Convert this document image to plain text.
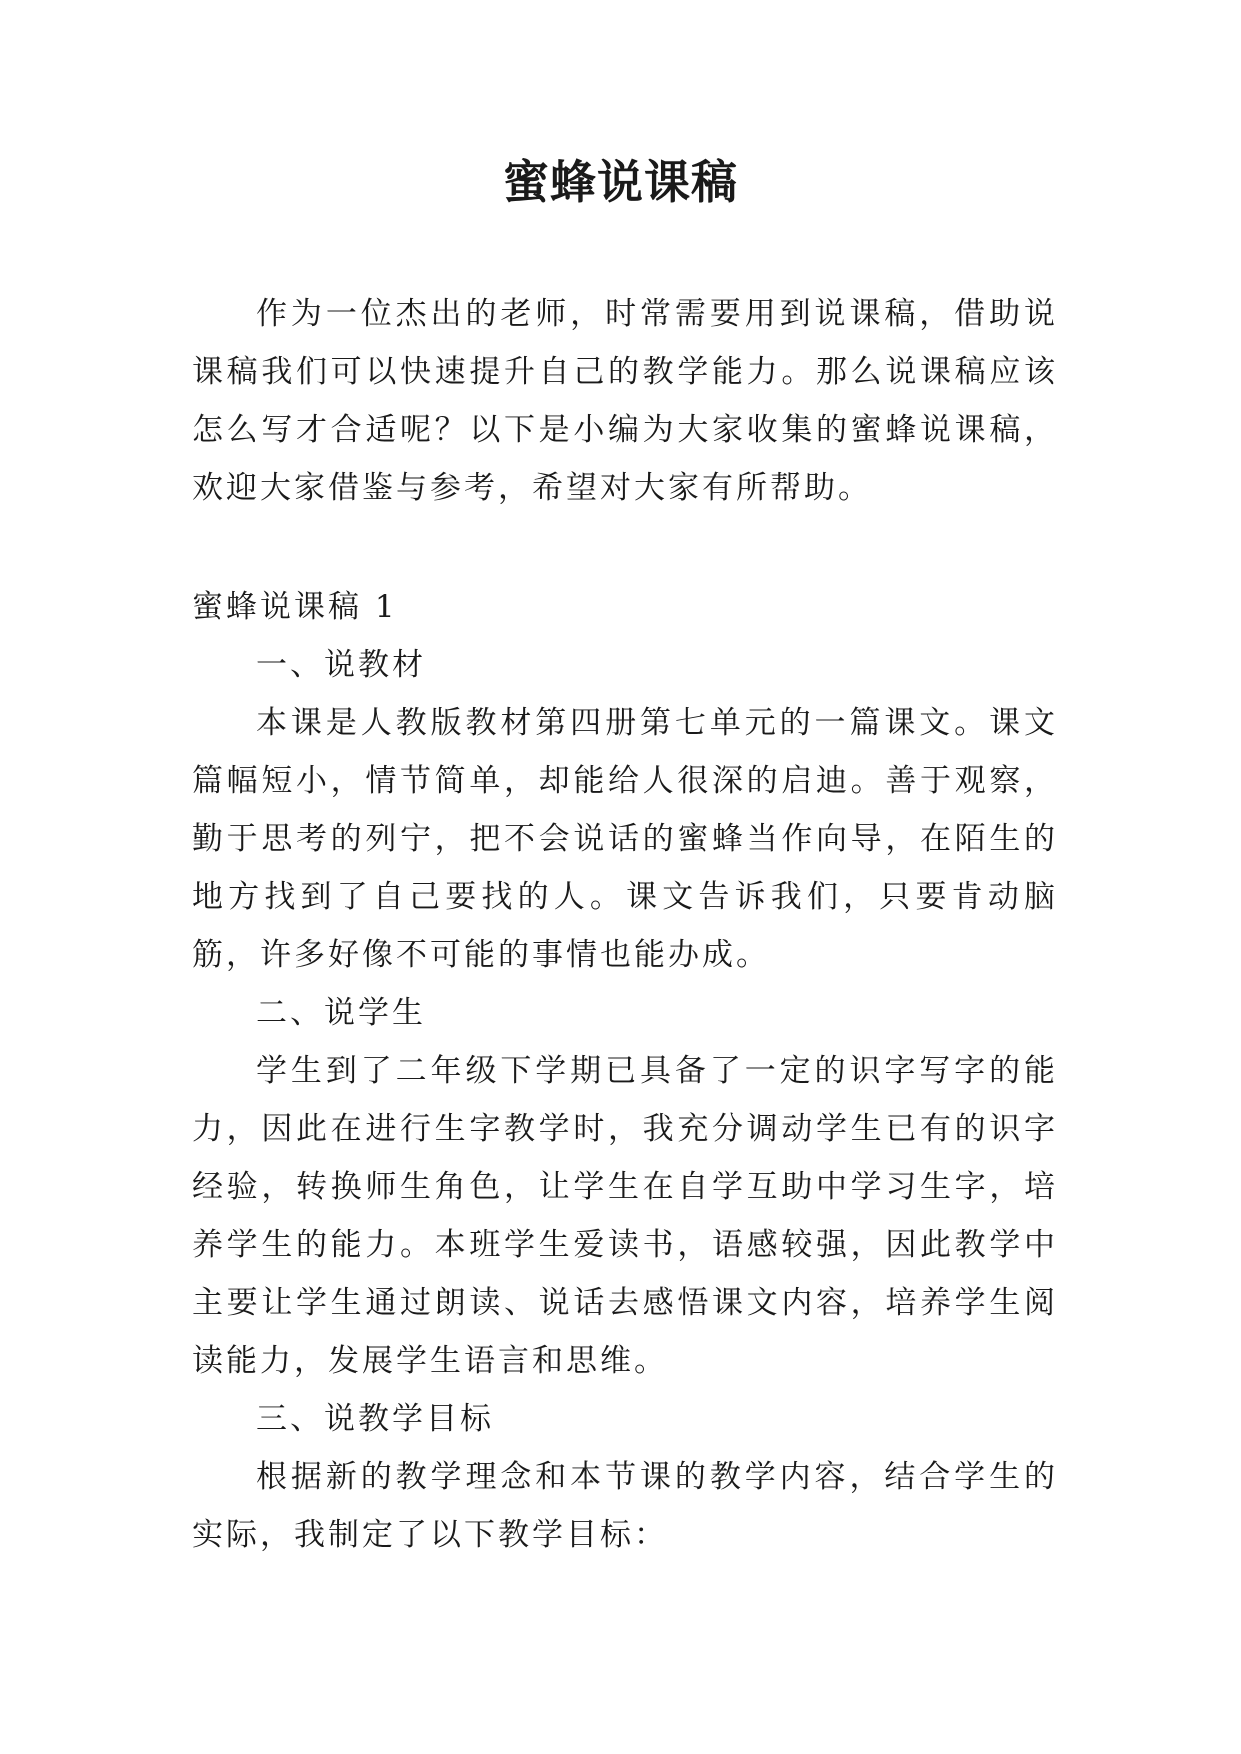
蜜蜂说课稿

作为一位杰出的老师，时常需要用到说课稿，借助说课稿我们可以快速提升自己的教学能力。那么说课稿应该怎么写才合适呢？以下是小编为大家收集的蜜蜂说课稿，欢迎大家借鉴与参考，希望对大家有所帮助。

蜜蜂说课稿 1

一、说教材

本课是人教版教材第四册第七单元的一篇课文。课文篇幅短小，情节简单，却能给人很深的启迪。善于观察，勤于思考的列宁，把不会说话的蜜蜂当作向导，在陌生的地方找到了自己要找的人。课文告诉我们，只要肯动脑筋，许多好像不可能的事情也能办成。

二、说学生

学生到了二年级下学期已具备了一定的识字写字的能力，因此在进行生字教学时，我充分调动学生已有的识字经验，转换师生角色，让学生在自学互助中学习生字，培养学生的能力。本班学生爱读书，语感较强，因此教学中主要让学生通过朗读、说话去感悟课文内容，培养学生阅读能力，发展学生语言和思维。

三、说教学目标

根据新的教学理念和本节课的教学内容，结合学生的实际，我制定了以下教学目标：
